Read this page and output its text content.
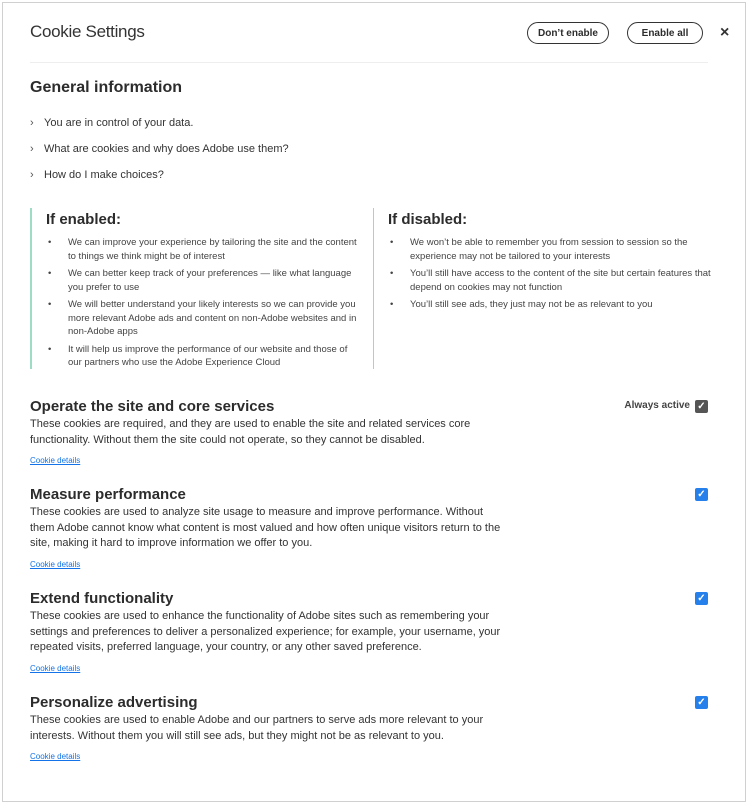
Cookie Settings	Don’t enable	Enable all	×
General information
› You are in control of your data.
› What are cookies and why does Adobe use them?
› How do I make choices?
If enabled:
• We can improve your experience by tailoring the site and the content to things we think might be of interest
• We can better keep track of your preferences — like what language you prefer to use
• We will better understand your likely interests so we can provide you more relevant Adobe ads and content on non-Adobe websites and in non-Adobe apps
• It will help us improve the performance of our website and those of our partners who use the Adobe Experience Cloud
If disabled:
• We won’t be able to remember you from session to session so the experience may not be tailored to your interests
• You’ll still have access to the content of the site but certain features that depend on cookies may not function
• You’ll still see ads, they just may not be as relevant to you
Operate the site and core services

These cookies are required, and they are used to enable the site and related services core functionality. Without them the site could not operate, so they cannot be disabled.

Cookie details
Always active ✓
Measure performance

These cookies are used to analyze site usage to measure and improve performance. Without them Adobe cannot know what content is most valued and how often unique visitors return to the site, making it hard to improve information we offer to you.

Cookie details
✓
Extend functionality

These cookies are used to enhance the functionality of Adobe sites such as remembering your settings and preferences to deliver a personalized experience; for example, your username, your repeated visits, preferred language, your country, or any other saved preference.

Cookie details
✓
Personalize advertising

These cookies are used to enable Adobe and our partners to serve ads more relevant to your interests. Without them you will still see ads, but they might not be as relevant to you.

Cookie details
✓
